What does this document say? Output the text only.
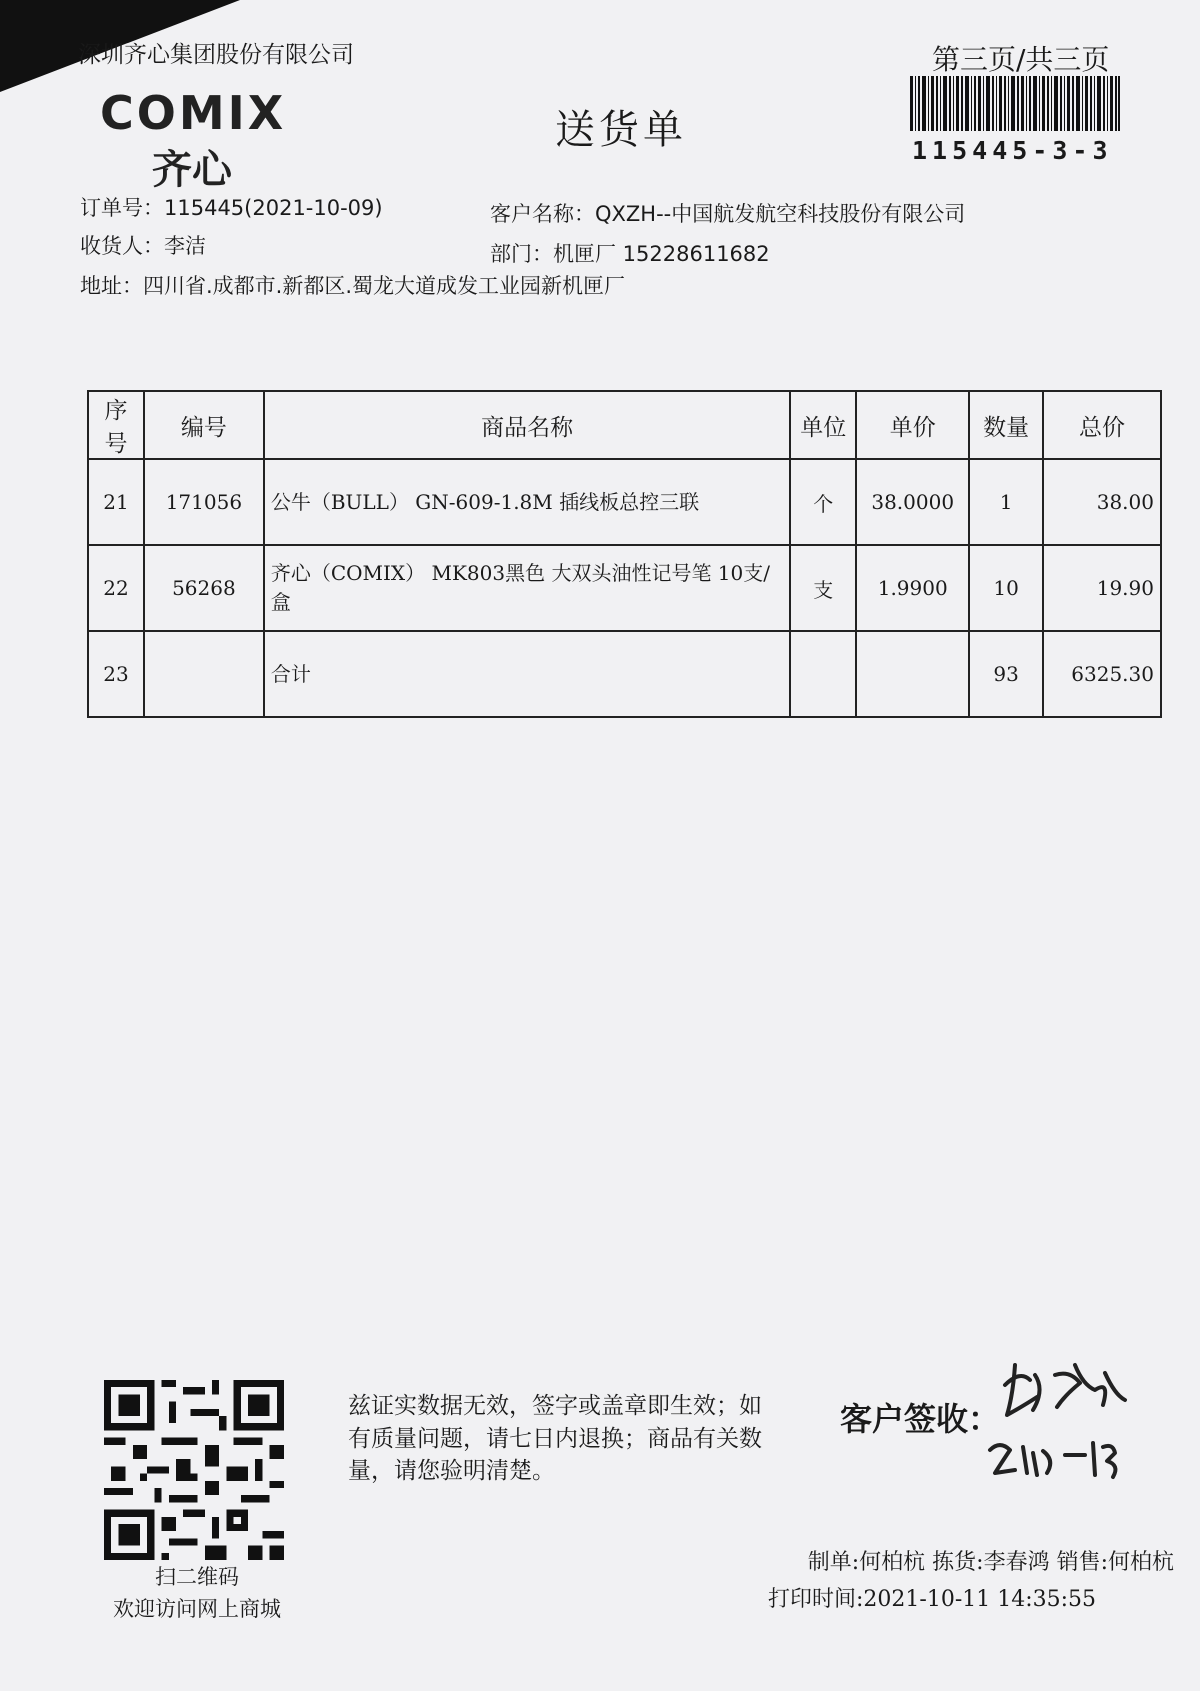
深圳齐心集团股份有限公司
COMIX
齐心
送货单
第三页/共三页
115445-3-3
订单号：115445(2021-10-09)
收货人：李洁
地址：四川省.成都市.新都区.蜀龙大道成发工业园新机匣厂
客户名称：QXZH--中国航发航空科技股份有限公司
部门：机匣厂 15228611682
序号	编号	商品名称	单位	单价	数量	总价
21	171056	公牛（BULL） GN-609-1.8M 插线板总控三联	个	38.0000	1	38.00
22	56268	齐心（COMIX） MK803黑色 大双头油性记号笔 10支/盒	支	1.9900	10	19.90
23		合计			93	6325.30
扫二维码
欢迎访问网上商城
兹证实数据无效，签字或盖章即生效；如有质量问题，请七日内退换；商品有关数量，请您验明清楚。
客户签收：
制单:何柏杭 拣货:李春鸿 销售:何柏杭
打印时间:2021-10-11 14:35:55
